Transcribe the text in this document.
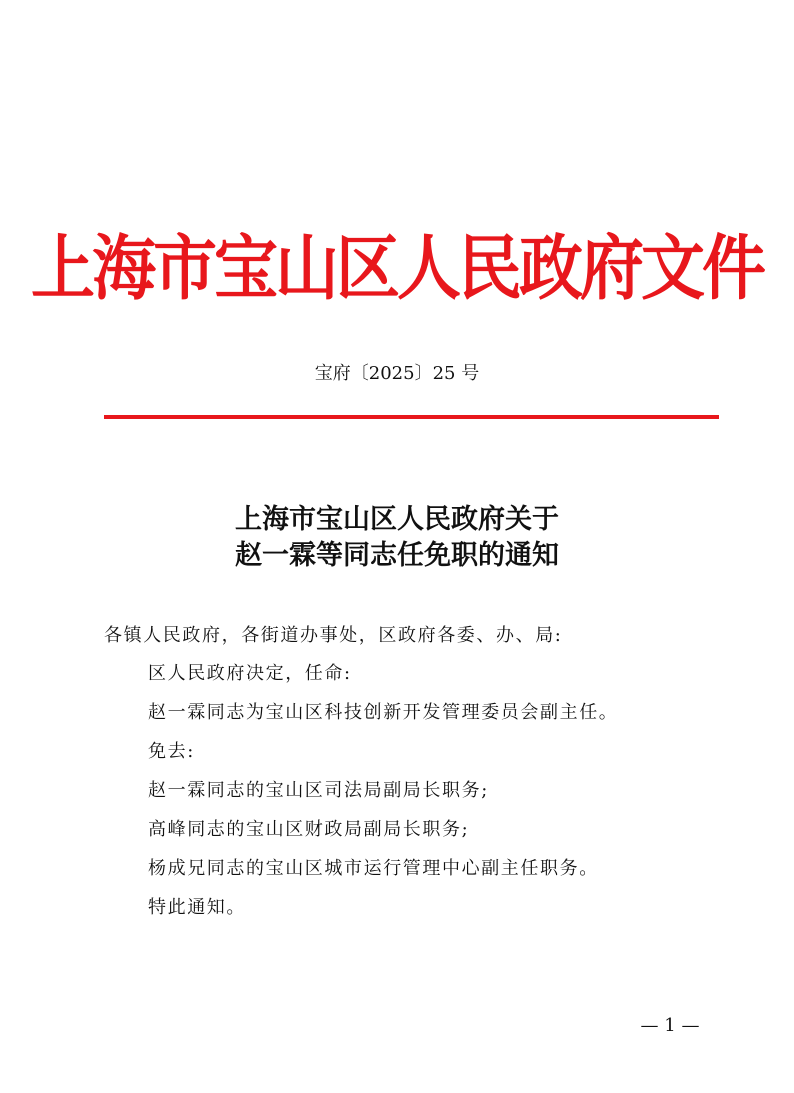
上海市宝山区人民政府文件
宝府〔2025〕25 号
上海市宝山区人民政府关于
赵一霖等同志任免职的通知
各镇人民政府，各街道办事处，区政府各委、办、局:
区人民政府决定，任命:
赵一霖同志为宝山区科技创新开发管理委员会副主任。
免去:
赵一霖同志的宝山区司法局副局长职务;
高峰同志的宝山区财政局副局长职务;
杨成兄同志的宝山区城市运行管理中心副主任职务。
特此通知。
— 1 —
